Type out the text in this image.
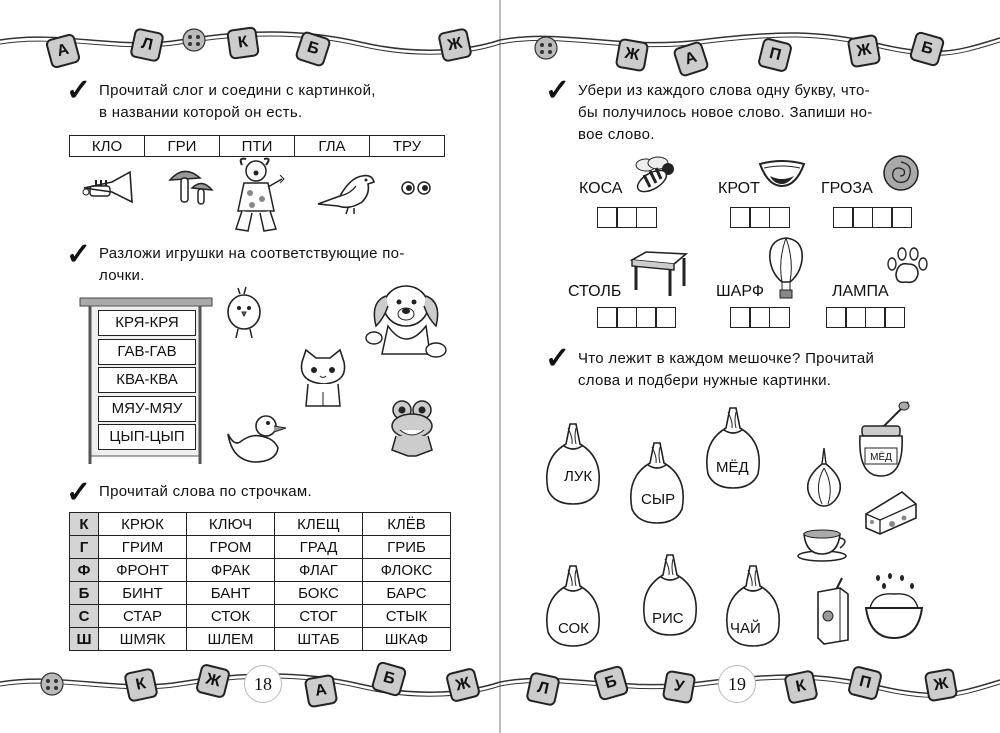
А	Л	К	Б	Ж
Ж	А	П	Ж	Б
К	Ж	А
Б	Ж	Л	Б	У	К	П	Ж
✓ Прочитай слог и соедини с картинкой,
в названии которой он есть.
КЛО	ГРИ	ПТИ	ГЛА	ТРУ
✓ Разложи игрушки на соответствующие по-
лочки.
КРЯ-КРЯ
ГАВ-ГАВ
КВА-КВА
МЯУ-МЯУ
ЦЫП-ЦЫП
✓ Прочитай слова по строчкам.
К	КРЮК	КЛЮЧ	КЛЕЩ	КЛЁВ
Г	ГРИМ	ГРОМ	ГРАД	ГРИБ
Ф	ФРОНТ	ФРАК	ФЛАГ	ФЛОКС
Б	БИНТ	БАНТ	БОКС	БАРС
С	СТАР	СТОК	СТОГ	СТЫК
Ш	ШМЯК	ШЛЕМ	ШТАБ	ШКАФ
18
✓ Убери из каждого слова одну букву, что-
бы получилось новое слово. Запиши но-
вое слово.
КОСА	КРОТ	ГРОЗА
СТОЛБ	ШАРФ	ЛАМПА
✓ Что лежит в каждом мешочке? Прочитай
слова и подбери нужные картинки.
ЛУК
СЫР
МЁД
СОК
РИС
ЧАЙ
МЁД
19
